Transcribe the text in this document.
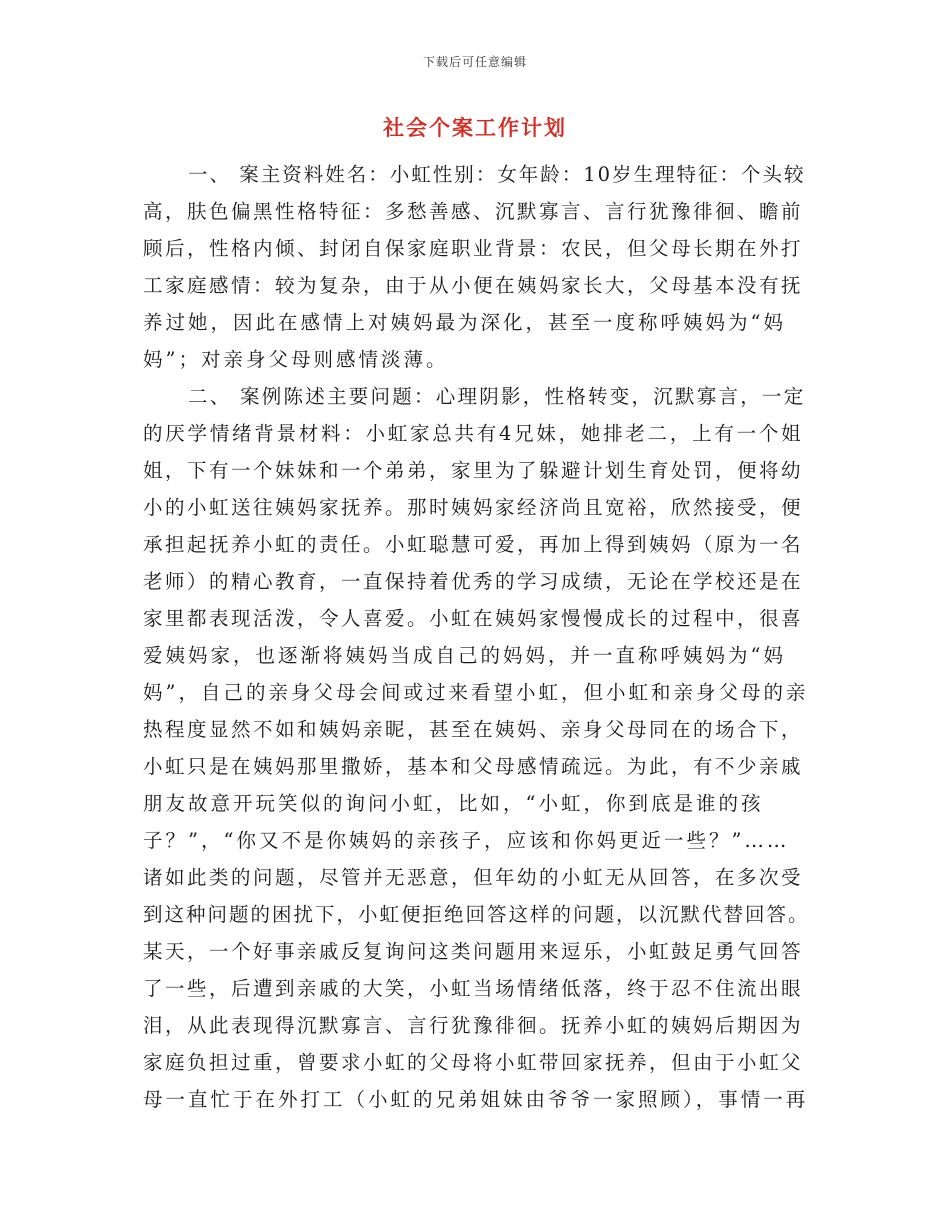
下载后可任意编辑
社会个案工作计划
一、 案主资料姓名：小虹性别：女年龄：10岁生理特征：个头较
高，肤色偏黑性格特征：多愁善感、沉默寡言、言行犹豫徘徊、瞻前
顾后，性格内倾、封闭自保家庭职业背景：农民，但父母长期在外打
工家庭感情：较为复杂，由于从小便在姨妈家长大，父母基本没有抚
养过她，因此在感情上对姨妈最为深化，甚至一度称呼姨妈为“妈
妈”；对亲身父母则感情淡薄。
二、 案例陈述主要问题：心理阴影，性格转变，沉默寡言，一定
的厌学情绪背景材料：小虹家总共有4兄妹，她排老二，上有一个姐
姐，下有一个妹妹和一个弟弟，家里为了躲避计划生育处罚，便将幼
小的小虹送往姨妈家抚养。那时姨妈家经济尚且宽裕，欣然接受，便
承担起抚养小虹的责任。小虹聪慧可爱，再加上得到姨妈（原为一名
老师）的精心教育，一直保持着优秀的学习成绩，无论在学校还是在
家里都表现活泼，令人喜爱。小虹在姨妈家慢慢成长的过程中，很喜
爱姨妈家，也逐渐将姨妈当成自己的妈妈，并一直称呼姨妈为“妈
妈”，自己的亲身父母会间或过来看望小虹，但小虹和亲身父母的亲
热程度显然不如和姨妈亲昵，甚至在姨妈、亲身父母同在的场合下，
小虹只是在姨妈那里撒娇，基本和父母感情疏远。为此，有不少亲戚
朋友故意开玩笑似的询问小虹，比如，“小虹，你到底是谁的孩
子？”，“你又不是你姨妈的亲孩子，应该和你妈更近一些？”……
诸如此类的问题，尽管并无恶意，但年幼的小虹无从回答，在多次受
到这种问题的困扰下，小虹便拒绝回答这样的问题，以沉默代替回答。
某天，一个好事亲戚反复询问这类问题用来逗乐，小虹鼓足勇气回答
了一些，后遭到亲戚的大笑，小虹当场情绪低落，终于忍不住流出眼
泪，从此表现得沉默寡言、言行犹豫徘徊。抚养小虹的姨妈后期因为
家庭负担过重，曾要求小虹的父母将小虹带回家抚养，但由于小虹父
母一直忙于在外打工（小虹的兄弟姐妹由爷爷一家照顾），事情一再
